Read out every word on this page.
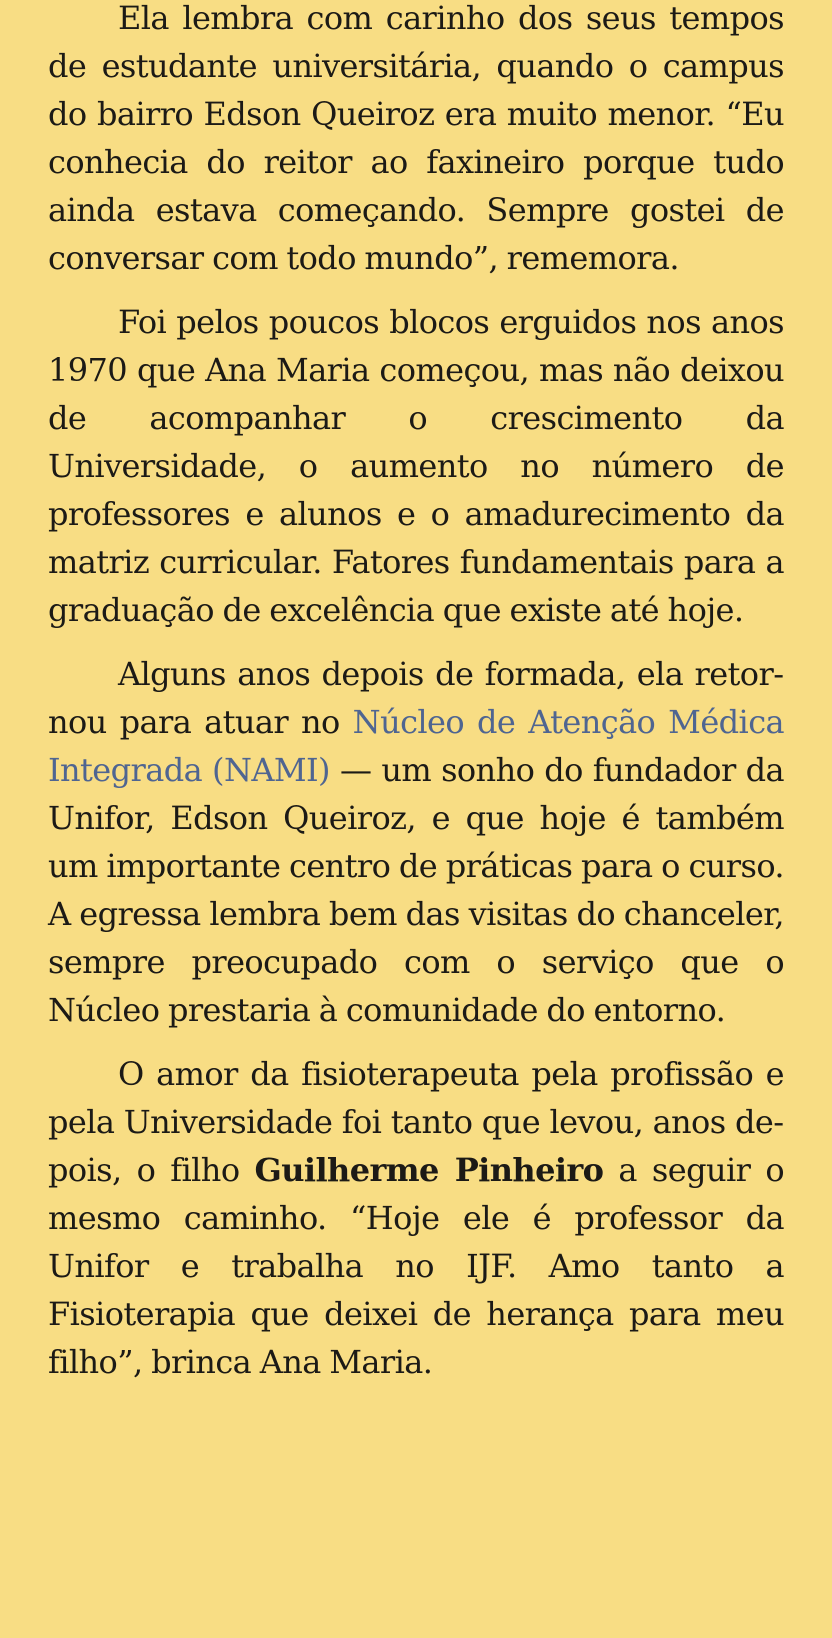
Ela lembra com carinho dos seus tempos de estudante universitária, quando o campus do bairro Edson Queiroz era muito menor. “Eu conhecia do reitor ao faxineiro porque tudo ainda estava começando. Sempre gostei de conversar com todo mundo”, rememora.

Foi pelos poucos blocos erguidos nos anos 1970 que Ana Maria começou, mas não deixou de acompanhar o crescimento da Universidade, o aumento no número de professores e alunos e o amadurecimento da matriz curricular. Fatores fundamentais para a graduação de excelência que existe até hoje.

Alguns anos depois de formada, ela retornou para atuar no Núcleo de Atenção Médica Integrada (NAMI) — um sonho do fundador da Unifor, Edson Queiroz, e que hoje é também um importante centro de práticas para o curso. A egressa lembra bem das visitas do chanceler, sempre preocupado com o serviço que o Núcleo prestaria à comunidade do entorno.

O amor da fisioterapeuta pela profissão e pela Universidade foi tanto que levou, anos depois, o filho Guilherme Pinheiro a seguir o mesmo caminho. “Hoje ele é professor da Unifor e trabalha no IJF. Amo tanto a Fisioterapia que deixei de herança para meu filho”, brinca Ana Maria.
